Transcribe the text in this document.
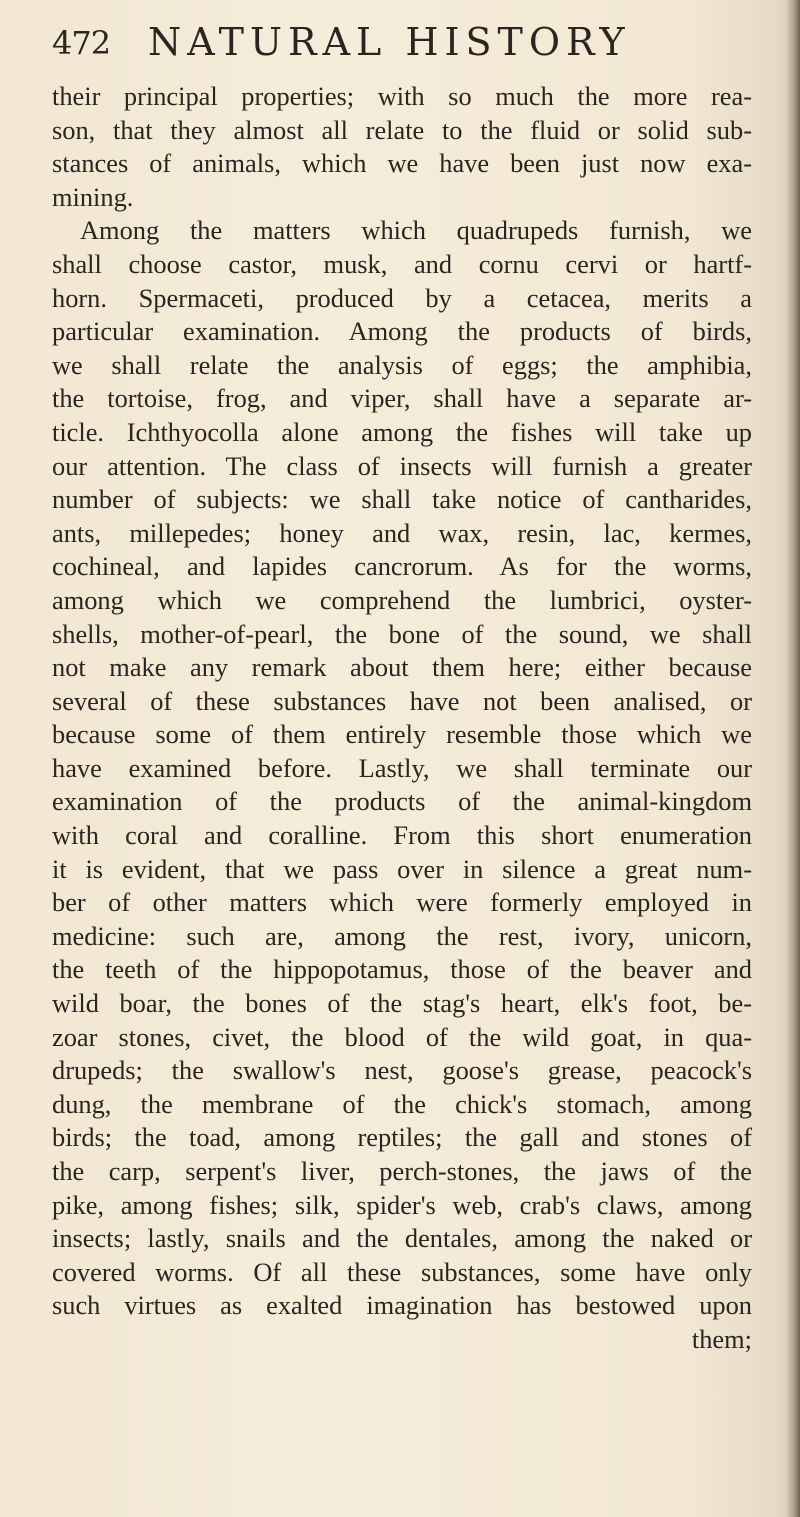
472 NATURAL HISTORY
their principal properties; with so much the more rea-
son, that they almost all relate to the fluid or solid sub-
stances of animals, which we have been just now exa-
mining.
Among the matters which quadrupeds furnish, we
shall choose castor, musk, and cornu cervi or hartf-
horn. Spermaceti, produced by a cetacea, merits a
particular examination. Among the products of birds,
we shall relate the analysis of eggs; the amphibia,
the tortoise, frog, and viper, shall have a separate ar-
ticle. Ichthyocolla alone among the fishes will take up
our attention. The class of insects will furnish a greater
number of subjects: we shall take notice of cantharides,
ants, millepedes; honey and wax, resin, lac, kermes,
cochineal, and lapides cancrorum. As for the worms,
among which we comprehend the lumbrici, oyster-
shells, mother-of-pearl, the bone of the sound, we shall
not make any remark about them here; either because
several of these substances have not been analised, or
because some of them entirely resemble those which we
have examined before. Lastly, we shall terminate our
examination of the products of the animal-kingdom
with coral and coralline. From this short enumeration
it is evident, that we pass over in silence a great num-
ber of other matters which were formerly employed in
medicine: such are, among the rest, ivory, unicorn,
the teeth of the hippopotamus, those of the beaver and
wild boar, the bones of the stag's heart, elk's foot, be-
zoar stones, civet, the blood of the wild goat, in qua-
drupeds; the swallow's nest, goose's grease, peacock's
dung, the membrane of the chick's stomach, among
birds; the toad, among reptiles; the gall and stones of
the carp, serpent's liver, perch-stones, the jaws of the
pike, among fishes; silk, spider's web, crab's claws, among
insects; lastly, snails and the dentales, among the naked or
covered worms. Of all these substances, some have only
such virtues as exalted imagination has bestowed upon
them;
